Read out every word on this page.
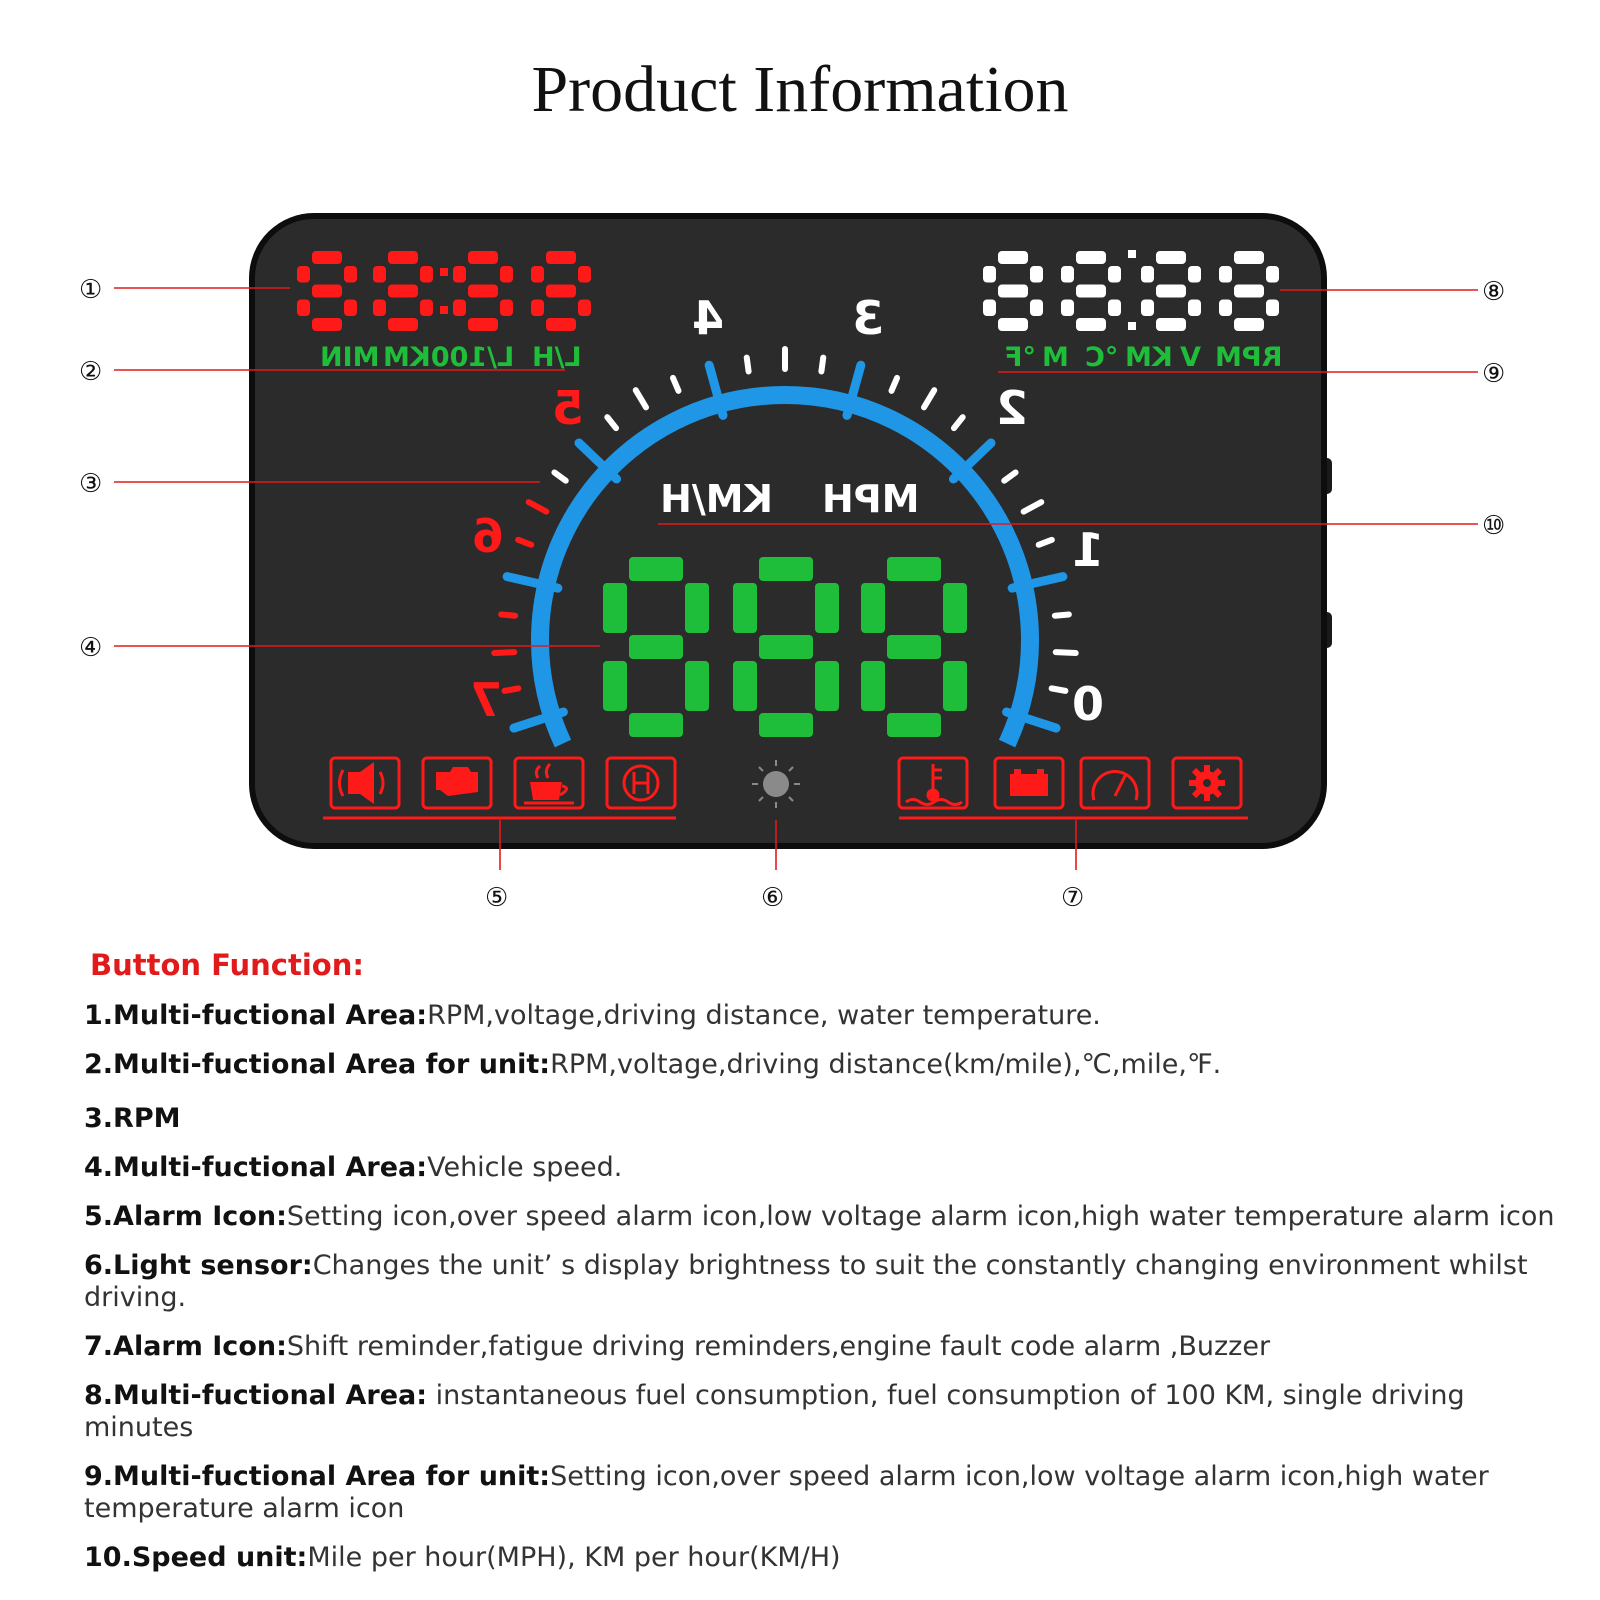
Product Information
MIN L/100KM L/H	°F M °C KM V RPM
KM/H MPH
0
1
2
3
4
5
6
7
①
②
③
④
⑤	⑥	⑦
⑧
⑨
⑩
Button Function:
1.Multi-fuctional Area:RPM,voltage,driving distance, water temperature.
2.Multi-fuctional Area for unit:RPM,voltage,driving distance(km/mile),℃,mile,℉.
3.RPM
4.Multi-fuctional Area:Vehicle speed.
5.Alarm Icon:Setting icon,over speed alarm icon,low voltage alarm icon,high water temperature alarm icon
6.Light sensor:Changes the unit’ s display brightness to suit the constantly changing environment whilst driving.
7.Alarm Icon:Shift reminder,fatigue driving reminders,engine fault code alarm ,Buzzer
8.Multi-fuctional Area: instantaneous fuel consumption, fuel consumption of 100 KM, single driving minutes
9.Multi-fuctional Area for unit:Setting icon,over speed alarm icon,low voltage alarm icon,high water temperature alarm icon
10.Speed unit:Mile per hour(MPH), KM per hour(KM/H)
